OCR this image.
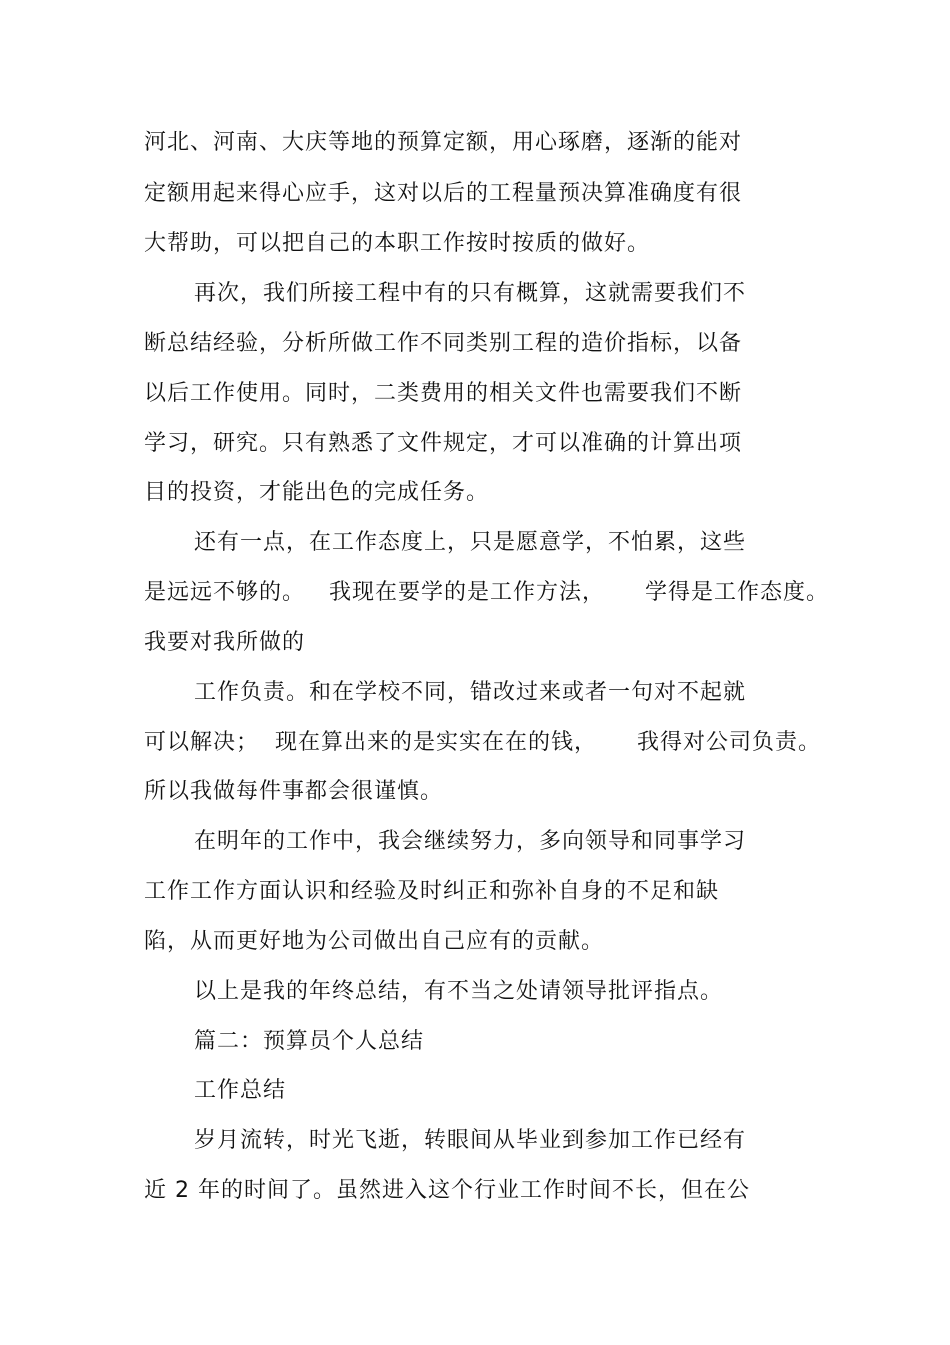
河北、河南、大庆等地的预算定额，用心琢磨，逐渐的能对
定额用起来得心应手，这对以后的工程量预决算准确度有很
大帮助，可以把自己的本职工作按时按质的做好。
再次，我们所接工程中有的只有概算，这就需要我们不
断总结经验，分析所做工作不同类别工程的造价指标，以备
以后工作使用。同时，二类费用的相关文件也需要我们不断
学习，研究。只有熟悉了文件规定，才可以准确的计算出项
目的投资，才能出色的完成任务。
还有一点，在工作态度上，只是愿意学，不怕累，这些
是远远不够的。   我现在要学的是工作方法，     学得是工作态度。
我要对我所做的
工作负责。和在学校不同，错改过来或者一句对不起就
可以解决；  现在算出来的是实实在在的钱，     我得对公司负责。
所以我做每件事都会很谨慎。
在明年的工作中，我会继续努力，多向领导和同事学习
工作工作方面认识和经验及时纠正和弥补自身的不足和缺
陷，从而更好地为公司做出自己应有的贡献。
以上是我的年终总结，有不当之处请领导批评指点。
篇二：预算员个人总结
工作总结
岁月流转，时光飞逝，转眼间从毕业到参加工作已经有
近 2 年的时间了。虽然进入这个行业工作时间不长，但在公
